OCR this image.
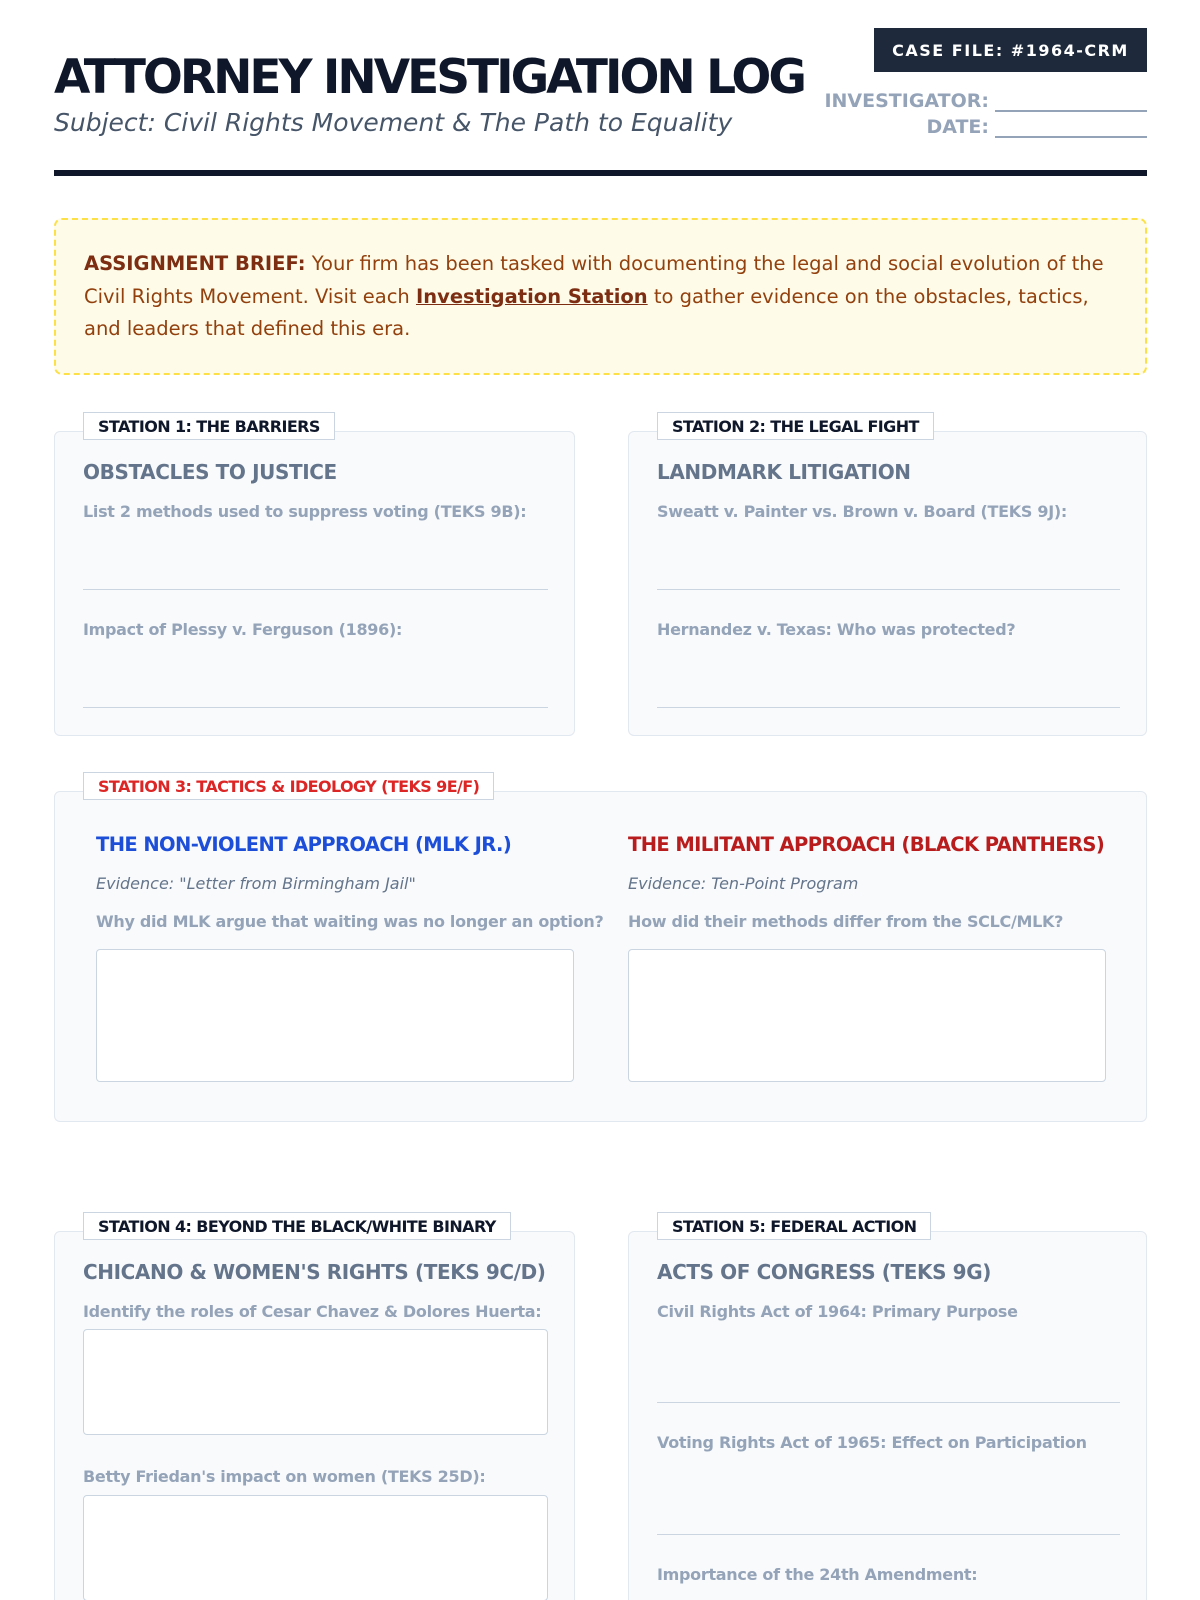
ATTORNEY INVESTIGATION LOG
Subject: Civil Rights Movement & The Path to Equality
CASE FILE: #1964-CRM
INVESTIGATOR:
DATE:
ASSIGNMENT BRIEF: Your firm has been tasked with documenting the legal and social evolution of the Civil Rights Movement. Visit each Investigation Station to gather evidence on the obstacles, tactics, and leaders that defined this era.
STATION 1: THE BARRIERS
OBSTACLES TO JUSTICE
List 2 methods used to suppress voting (TEKS 9B):
Impact of Plessy v. Ferguson (1896):
STATION 2: THE LEGAL FIGHT
LANDMARK LITIGATION
Sweatt v. Painter vs. Brown v. Board (TEKS 9J):
Hernandez v. Texas: Who was protected?
STATION 3: TACTICS & IDEOLOGY (TEKS 9E/F)
THE NON-VIOLENT APPROACH (MLK JR.)
Evidence: "Letter from Birmingham Jail"
Why did MLK argue that waiting was no longer an option?
THE MILITANT APPROACH (BLACK PANTHERS)
Evidence: Ten-Point Program
How did their methods differ from the SCLC/MLK?
STATION 4: BEYOND THE BLACK/WHITE BINARY
CHICANO & WOMEN'S RIGHTS (TEKS 9C/D)
Identify the roles of Cesar Chavez & Dolores Huerta:
Betty Friedan's impact on women (TEKS 25D):
STATION 5: FEDERAL ACTION
ACTS OF CONGRESS (TEKS 9G)
Civil Rights Act of 1964: Primary Purpose
Voting Rights Act of 1965: Effect on Participation
Importance of the 24th Amendment:
